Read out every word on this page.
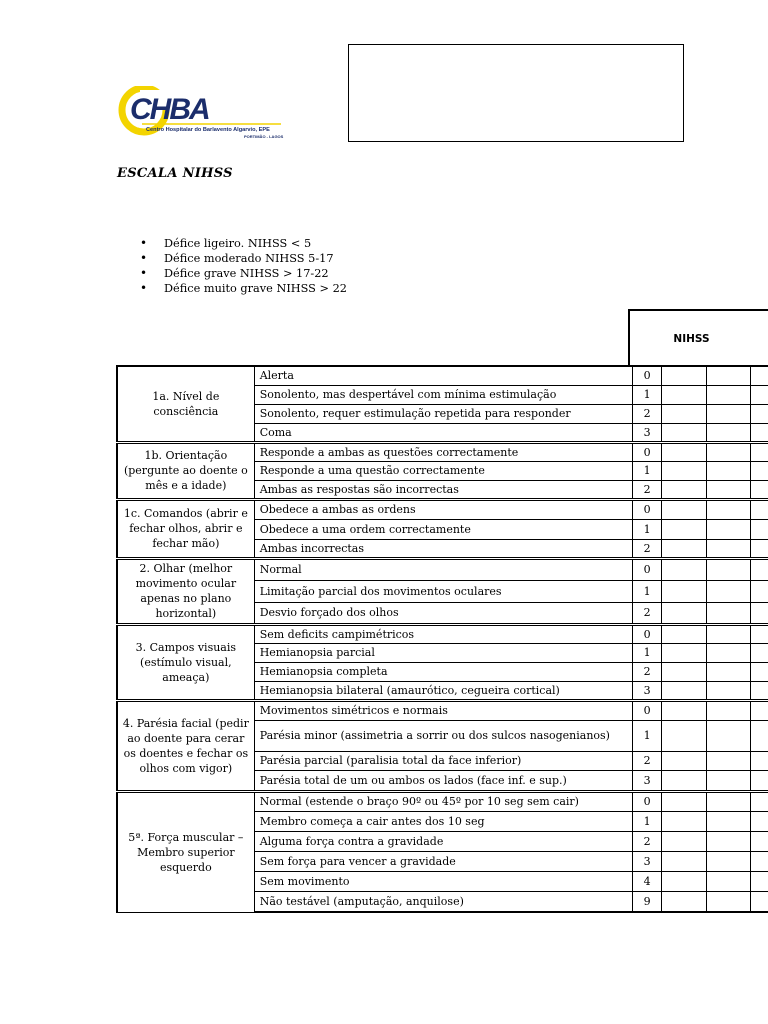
CHBA
Centro Hospitalar do Barlavento Algarvio, EPE
PORTIMÃO - LAGOS
ESCALA NIHSS
• Défice ligeiro. NIHSS < 5
• Défice moderado NIHSS 5-17
• Défice grave NIHSS > 17-22
• Défice muito grave NIHSS > 22
NIHSS
1a. Nível de consciência	Alerta	0			
	Sonolento, mas despertável com mínima estimulação	1			
	Sonolento, requer estimulação repetida para responder	2			
	Coma	3			
1b. Orientação (pergunte ao doente o mês e a idade)	Responde a ambas as questões correctamente	0			
	Responde a uma questão correctamente	1			
	Ambas as respostas são incorrectas	2			
1c. Comandos (abrir e fechar olhos, abrir e fechar mão)	Obedece a ambas as ordens	0			
	Obedece a uma ordem correctamente	1			
	Ambas incorrectas	2			
2. Olhar (melhor movimento ocular apenas no plano horizontal)	Normal	0			
	Limitação parcial dos movimentos oculares	1			
	Desvio forçado dos olhos	2			
3. Campos visuais (estímulo visual, ameaça)	Sem deficits campimétricos	0			
	Hemianopsia parcial	1			
	Hemianopsia completa	2			
	Hemianopsia bilateral (amaurótico, cegueira cortical)	3			
4. Parésia facial (pedir ao doente para cerar os doentes e fechar os olhos com vigor)	Movimentos simétricos e normais	0			
	Parésia minor (assimetria a sorrir ou dos sulcos nasogenianos)	1			
	Parésia parcial (paralisia total da face inferior)	2			
	Parésia total de um ou ambos os lados (face inf. e sup.)	3			
5ª. Força muscular – Membro superior esquerdo	Normal (estende o braço 90º ou 45º por 10 seg sem cair)	0			
	Membro começa a cair antes dos 10 seg	1			
	Alguma força contra a gravidade	2			
	Sem força para vencer a gravidade	3			
	Sem movimento	4			
	Não testável (amputação, anquilose)	9			
